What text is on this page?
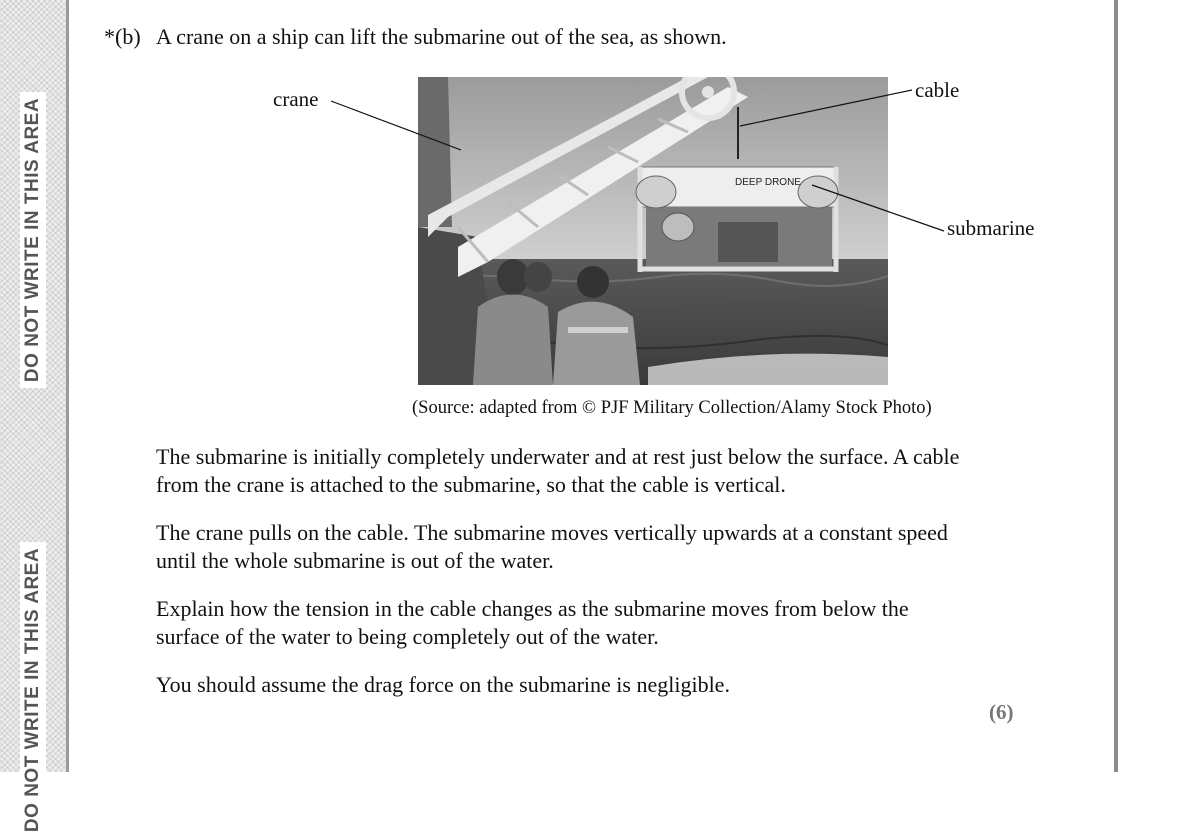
DO NOT WRITE IN THIS AREA
DO NOT WRITE IN THIS AREA
*(b) A crane on a ship can lift the submarine out of the sea, as shown.
DEEP DRONE
crane	cable
submarine
(Source: adapted from © PJF Military Collection/Alamy Stock Photo)

The submarine is initially completely underwater and at rest just below the surface. A cable from the crane is attached to the submarine, so that the cable is vertical.

The crane pulls on the cable. The submarine moves vertically upwards at a constant speed until the whole submarine is out of the water.

Explain how the tension in the cable changes as the submarine moves from below the surface of the water to being completely out of the water.

You should assume the drag force on the submarine is negligible.

(6)
